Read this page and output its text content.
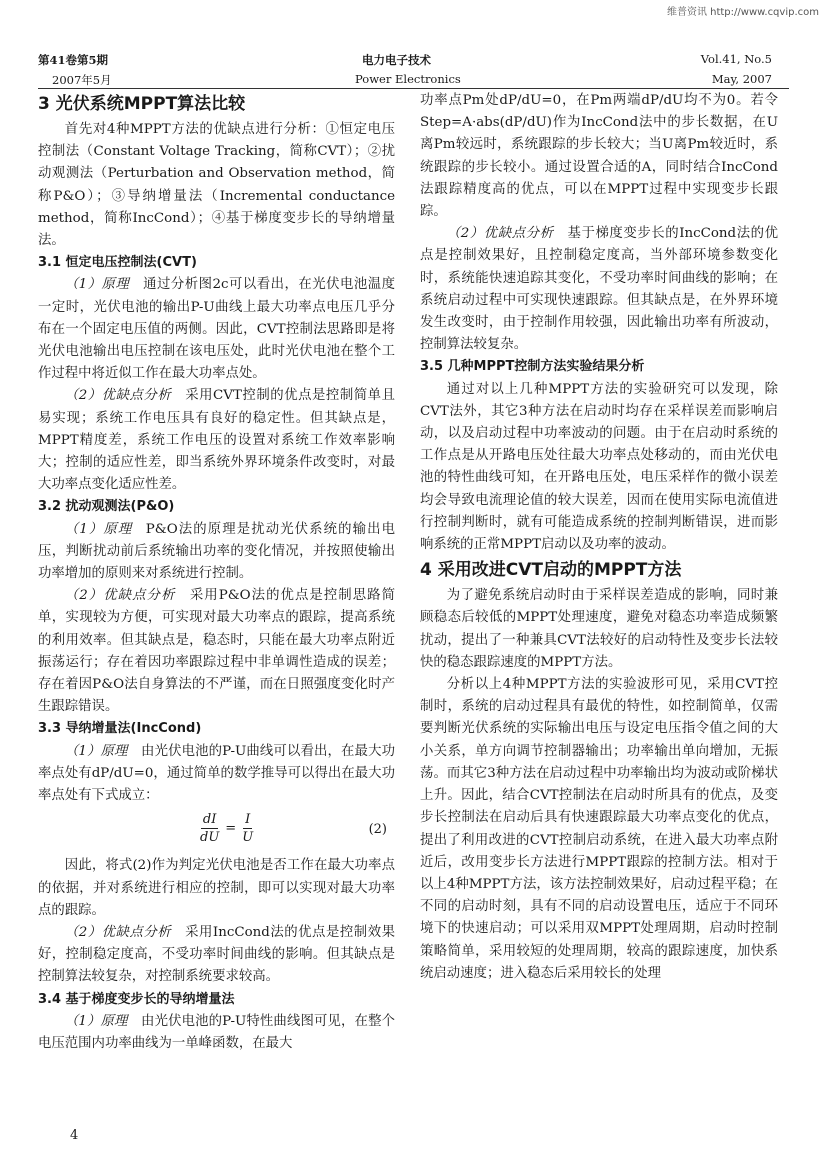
维普资讯 http://www.cqvip.com
第41卷第5期	电力电子技术	Vol.41, No.5
2007年5月	Power Electronics	May, 2007
3 光伏系统MPPT算法比较

首先对4种MPPT方法的优缺点进行分析：①恒定电压控制法（Constant Voltage Tracking，简称CVT）；②扰动观测法（Perturbation and Observation method，简称P&O）；③导纳增量法（Incremental conductance method，简称IncCond）；④基于梯度变步长的导纳增量法。

3.1 恒定电压控制法(CVT)

（1）原理  通过分析图2c可以看出，在光伏电池温度一定时，光伏电池的输出P-U曲线上最大功率点电压几乎分布在一个固定电压值的两侧。因此，CVT控制法思路即是将光伏电池输出电压控制在该电压处，此时光伏电池在整个工作过程中将近似工作在最大功率点处。

（2）优缺点分析  采用CVT控制的优点是控制简单且易实现；系统工作电压具有良好的稳定性。但其缺点是，MPPT精度差，系统工作电压的设置对系统工作效率影响大；控制的适应性差，即当系统外界环境条件改变时，对最大功率点变化适应性差。

3.2 扰动观测法(P&O)

（1）原理  P&O法的原理是扰动光伏系统的输出电压，判断扰动前后系统输出功率的变化情况，并按照使输出功率增加的原则来对系统进行控制。

（2）优缺点分析  采用P&O法的优点是控制思路简单，实现较为方便，可实现对最大功率点的跟踪，提高系统的利用效率。但其缺点是，稳态时，只能在最大功率点附近振荡运行；存在着因功率跟踪过程中非单调性造成的误差；存在着因P&O法自身算法的不严谨，而在日照强度变化时产生跟踪错误。

3.3 导纳增量法(IncCond)

（1）原理  由光伏电池的P-U曲线可以看出，在最大功率点处有dP/dU=0，通过简单的数学推导可以得出在最大功率点处有下式成立：

$\frac{dI}{dU} = \frac{I}{U}$	(2)

因此，将式(2)作为判定光伏电池是否工作在最大功率点的依据，并对系统进行相应的控制，即可以实现对最大功率点的跟踪。

（2）优缺点分析  采用IncCond法的优点是控制效果好，控制稳定度高，不受功率时间曲线的影响。但其缺点是控制算法较复杂，对控制系统要求较高。

3.4 基于梯度变步长的导纳增量法

（1）原理  由光伏电池的P-U特性曲线图可见，在整个电压范围内功率曲线为一单峰函数，在最大

功率点Pm处dP/dU=0，在Pm两端dP/dU均不为0。若令Step=A·abs(dP/dU)作为IncCond法中的步长数据，在U离Pm较远时，系统跟踪的步长较大；当U离Pm较近时，系统跟踪的步长较小。通过设置合适的A，同时结合IncCond法跟踪精度高的优点，可以在MPPT过程中实现变步长跟踪。

（2）优缺点分析  基于梯度变步长的IncCond法的优点是控制效果好，且控制稳定度高，当外部环境参数变化时，系统能快速追踪其变化，不受功率时间曲线的影响；在系统启动过程中可实现快速跟踪。但其缺点是，在外界环境发生改变时，由于控制作用较强，因此输出功率有所波动，控制算法较复杂。

3.5 几种MPPT控制方法实验结果分析

通过对以上几种MPPT方法的实验研究可以发现，除CVT法外，其它3种方法在启动时均存在采样误差而影响启动，以及启动过程中功率波动的问题。由于在启动时系统的工作点是从开路电压处往最大功率点处移动的，而由光伏电池的特性曲线可知，在开路电压处，电压采样作的微小误差均会导致电流理论值的较大误差，因而在使用实际电流值进行控制判断时，就有可能造成系统的控制判断错误，进而影响系统的正常MPPT启动以及功率的波动。

4 采用改进CVT启动的MPPT方法

为了避免系统启动时由于采样误差造成的影响，同时兼顾稳态后较低的MPPT处理速度，避免对稳态功率造成频繁扰动，提出了一种兼具CVT法较好的启动特性及变步长法较快的稳态跟踪速度的MPPT方法。

分析以上4种MPPT方法的实验波形可见，采用CVT控制时，系统的启动过程具有最优的特性，如控制简单，仅需要判断光伏系统的实际输出电压与设定电压指令值之间的大小关系，单方向调节控制器输出；功率输出单向增加，无振荡。而其它3种方法在启动过程中功率输出均为波动或阶梯状上升。因此，结合CVT控制法在启动时所具有的优点，及变步长控制法在启动后具有快速跟踪最大功率点变化的优点，提出了利用改进的CVT控制启动系统，在进入最大功率点附近后，改用变步长方法进行MPPT跟踪的控制方法。相对于以上4种MPPT方法，该方法控制效果好，启动过程平稳；在不同的启动时刻，具有不同的启动设置电压，适应于不同环境下的快速启动；可以采用双MPPT处理周期，启动时控制策略简单，采用较短的处理周期，较高的跟踪速度，加快系统启动速度；进入稳态后采用较长的处理

4
